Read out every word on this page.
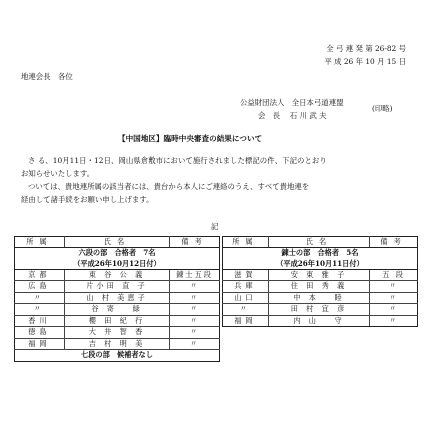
全 弓 連 発 第 26-82 号
平 成 26 年 10 月 15 日
地連会長　各位
公益財団法人　全日本弓道連盟
会　長　 石 川 武 夫
(印略)
【中国地区】臨時中央審査の結果について
さ る、10月11日・12日、岡山県倉敷市において施行されました標記の件、下記のとおり
お知らせいたします。
ついては、貴地連所属の該当者には、貴台から本人にご連絡のうえ、すべて貴地連を
経由して諸手続をお願い申し上げます。
記
所属	氏名	備考
六段の部　合格者　7名		
（平成26年10月12日付）		
京都	東 谷 公 義	錬士五段
広島	片小田 直 子	〃
〃	山 村 美恵子	〃
〃	谷 寄　 緑	〃
香川	櫻 田 紀 行	〃
徳島	大 井 智 香	〃
福岡	吉 村 明 美	〃
七段の部　候補者なし		
所属	氏名	備考
錬士の部　合格者　5名		
（平成26年10月11日付）		
滋賀	安 東 雅 子	五 段
兵庫	住 田 秀 義	〃
山口	中 本　 睦	〃
〃	田 村 宜 彦	〃
福岡	内 山　 守	〃
